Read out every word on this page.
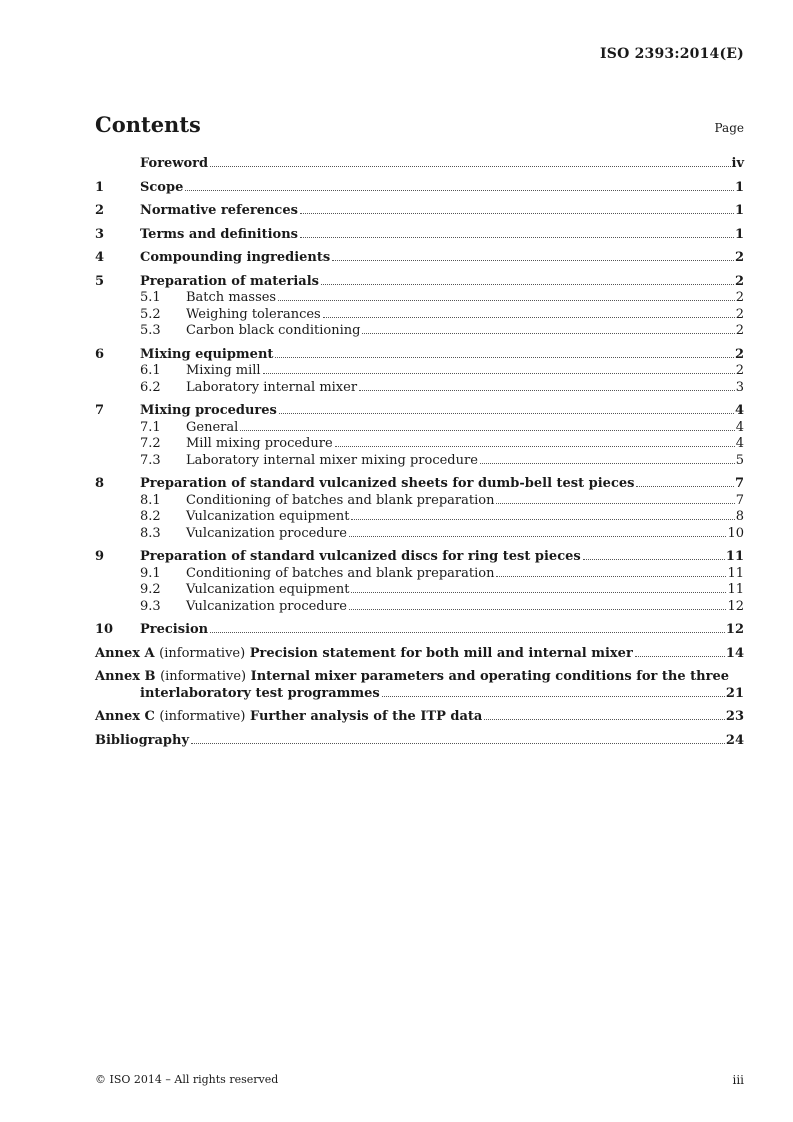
ISO 2393:2014(E)
Contents	Page
Foreword	iv
1	Scope	1
2	Normative references	1
3	Terms and definitions	1
4	Compounding ingredients	2
5	Preparation of materials	2
5.1	Batch masses	2
5.2	Weighing tolerances	2
5.3	Carbon black conditioning	2
6	Mixing equipment	2
6.1	Mixing mill	2
6.2	Laboratory internal mixer	3
7	Mixing procedures	4
7.1	General	4
7.2	Mill mixing procedure	4
7.3	Laboratory internal mixer mixing procedure	5
8	Preparation of standard vulcanized sheets for dumb-bell test pieces	7
8.1	Conditioning of batches and blank preparation	7
8.2	Vulcanization equipment	8
8.3	Vulcanization procedure	10
9	Preparation of standard vulcanized discs for ring test pieces	11
9.1	Conditioning of batches and blank preparation	11
9.2	Vulcanization equipment	11
9.3	Vulcanization procedure	12
10	Precision	12
Annex A (informative) Precision statement for both mill and internal mixer	14
Annex B (informative) Internal mixer parameters and operating conditions for the three
interlaboratory test programmes	21
Annex C (informative) Further analysis of the ITP data	23
Bibliography	24
© ISO 2014 – All rights reserved	iii
